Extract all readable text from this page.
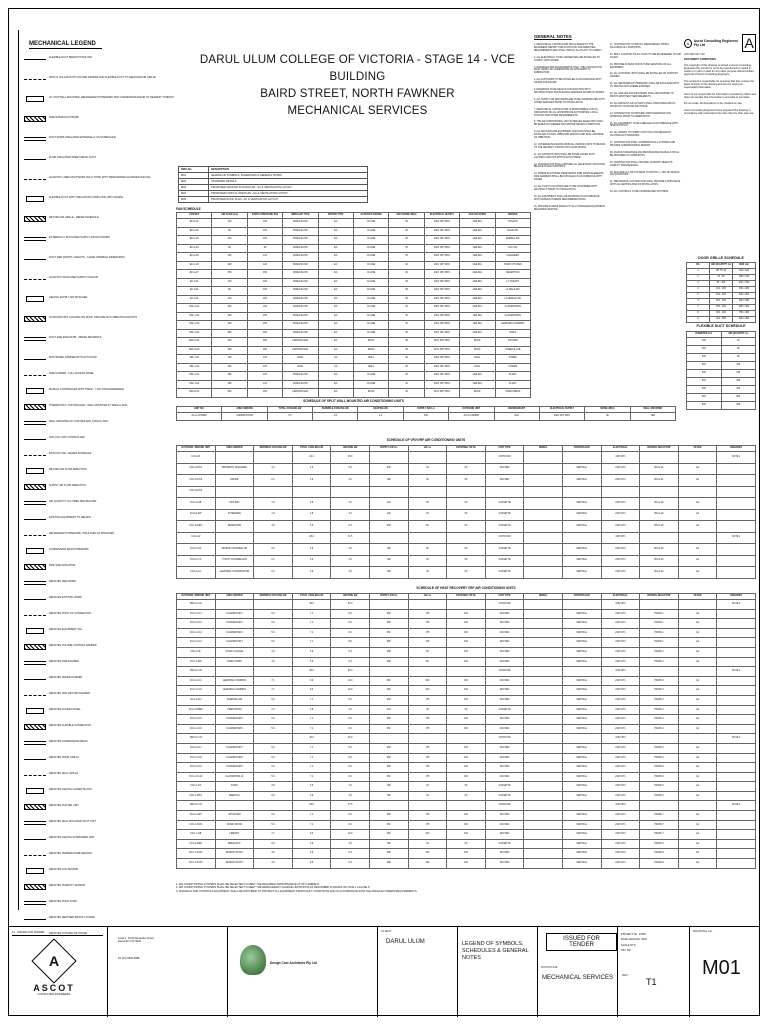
MECHANICAL LEGEND
FLEXIBLE DUCT BRANCH TAKE OFF
SPIN IN COLLAR WITH VOLUME DAMPER AND FLEXIBLE DUCT TO REGISTER OR GRILLE
AC UNIT WALL MOUNTED, REFRIGERANT PIPEWORK AND CONDENSATE DRAIN TO NEAREST TUNDISH
FIRE RATED DUCTWORK
DUCT WORK INSULATED EXTERNALLY AS SCHEDULED
PLAIN INSULATED SHEET METAL DUCT
ACOUSTIC LINED DUCTWORK 25mm THICK WITH PERFORATED ALUMINIUM FACING
FLEXIBLE DUCT WITH INSULATION COMPLYING WITH AS4254
RETURN AIR GRILLE - REFER SCHEDULE
EXTERNALLY INSULATED SUPPLY AIR DUCTWORK
DUCT SIZE (WIDTH x HEIGHT) - CLEAR INTERNAL DIMENSIONS
ACOUSTIC INSULATED SUPPLY PLENUM
CEILING SUPPLY AIR DIFFUSER
OUTDOOR UNIT LOCATED ON ROOF, PROVIDE ANTI VIBRATION MOUNTS
DUCT SIZE INDICATOR - REFER DRAWINGS
MOTORISED DAMPER WITH ACTUATOR
FIRE DAMPER - FULL ACCESS PANEL
MANUAL CONTROLLER WITH TIMER - 7 DAY PROGRAMMABLE
THERMOSTAT / CONTROLLER - WALL MOUNTED AT 1500mm AFFL
WALL MOUNTED AC CONTROLLER, 1500mm AFFL
FAN COIL UNIT CONTROLLER
EXHAUST FAN - REFER SCHEDULE
RETURN AIR FLOW DIRECTION
SUPPLY AIR FLOW DIRECTION
AIR QUANTITY IN LITRES PER SECOND
EXISTING EQUIPMENT TO REMAIN
REFRIGERANT PIPEWORK, INSULATED AS SPECIFIED
CONDENSATE DRAIN PIPEWORK
PIPE SIZE INDICATOR
DENOTES NEW WORK
DENOTES EXISTING WORK
DENOTES POINT OF CONNECTION
DENOTES EQUIPMENT TAG
DENOTES VOLUME CONTROL DAMPER
DENOTES FIRE DAMPER
DENOTES SMOKE DAMPER
DENOTES NON RETURN DAMPER
DENOTES ACCESS PANEL
DENOTES FLEXIBLE CONNECTION
DENOTES CONDENSATE DRAIN
DENOTES DOOR GRILLE
DENOTES WALL GRILLE
DENOTES CEILING CASSETTE UNIT
DENOTES DUCTED UNIT
DENOTES WALL MOUNTED SPLIT UNIT
DENOTES CEILING SUSPENDED UNIT
DENOTES TEMPERATURE SENSOR
DENOTES CO2 SENSOR
DENOTES HUMIDITY SENSOR
DENOTES ROOF COWL
DENOTES WEATHER PROOF LOUVRE
DENOTES OUTSIDE AIR INTAKE
DARUL ULUM COLLEGE OF VICTORIA - STAGE 14 - VCE BUILDING
BAIRD STREET, NORTH FAWKNER
MECHANICAL SERVICES
DWG No.	DESCRIPTION
M01	LEGEND OF SYMBOLS, SCHEDULES & GENERAL NOTES
M02	STANDARD DETAILS
M03	PROPOSED GROUND FLOOR PLAN - AC & VENTILATION LAYOUT
M04	PROPOSED FIRST FLOOR PLAN - AC & VENTILATION LAYOUT
M05	PROPOSED ROOF PLAN - AC & VENTILATION LAYOUT
FAN SCHEDULE
FAN REF	AIR FLOW (L/s)	STATIC PRESSURE (Pa)	IMPELLER TYPE	MOTOR TYPE	ACOUSTIC RATING	MAX NOISE dB(A)	ELECTRICAL SUPPLY	FAN LOCATION	SERVES
EF-G-01	110	100	MIXED FLOW	EC	IN LINE	35	240V 1Ph 50Hz	CEILING	TOILETS
EF-G-02	90	100	MIXED FLOW	EC	IN LINE	35	240V 1Ph 50Hz	CEILING	MALE WC
EF-G-03	120	100	MIXED FLOW	EC	IN LINE	35	240V 1Ph 50Hz	CEILING	FEMALE WC
EF-G-04	60	80	MIXED FLOW	EC	IN LINE	35	240V 1Ph 50Hz	CEILING	ACC WC
EF-G-05	150	120	MIXED FLOW	EC	IN LINE	35	240V 1Ph 50Hz	CEILING	CLEANERS
EF-G-06	200	120	MIXED FLOW	EC	IN LINE	40	240V 1Ph 50Hz	CEILING	STAFF KITCHEN
EF-G-07	250	150	MIXED FLOW	EC	IN LINE	40	240V 1Ph 50Hz	CEILING	RECEPTION
EF-1-01	110	100	MIXED FLOW	EC	IN LINE	35	240V 1Ph 50Hz	CEILING	L1 TOILETS
EF-1-02	90	100	MIXED FLOW	EC	IN LINE	35	240V 1Ph 50Hz	CEILING	L1 MALE WC
EF-1-03	120	100	MIXED FLOW	EC	IN LINE	35	240V 1Ph 50Hz	CEILING	L1 FEMALE WC
OAF-1-01	300	150	MIXED FLOW	EC	IN LINE	40	240V 1Ph 50Hz	CEILING	CLASSROOMS
OAF-1-02	300	150	MIXED FLOW	EC	IN LINE	40	240V 1Ph 50Hz	CEILING	CLASSROOMS
OAF-1-03	300	150	MIXED FLOW	EC	IN LINE	40	240V 1Ph 50Hz	CEILING	LEARNING COMMON
OAF-1-04	250	150	MIXED FLOW	EC	IN LINE	40	240V 1Ph 50Hz	CEILING	STAFF
KEF-G-01	400	200	CENTRIFUGAL	EC	ROOF	45	415V 3Ph 50Hz	ROOF	KITCHEN
KEF-G-02	350	200	CENTRIFUGAL	EC	ROOF	45	415V 3Ph 50Hz	ROOF	SCIENCE LAB
TEF-1-01	150	120	AXIAL	AC	WALL	40	240V 1Ph 50Hz	WALL	STORE
TEF-1-02	150	120	AXIAL	AC	WALL	40	240V 1Ph 50Hz	WALL	COMMS
SSF-1-01	180	120	MIXED FLOW	EC	IN LINE	40	240V 1Ph 50Hz	CEILING	PLANT
SSF-1-02	180	120	MIXED FLOW	EC	IN LINE	40	240V 1Ph 50Hz	CEILING	PLANT
SSF-R-01	500	250	CENTRIFUGAL	EC	ROOF	45	415V 3Ph 50Hz	ROOF	STAIR PRESS
SCHEDULE OF SPLIT WALL MOUNTED AIR CONDITIONING UNITS
UNIT NO.	AREA SERVED	TOTAL COOLING kW	SENSIBLE COOLING kW	HEATING kW	SUPPLY AIR L/s	OUTDOOR UNIT	REFRIGERANT	ELECTRICAL SUPPLY	NOISE dB(A)	WALL MOUNTED
AC-G-COMMS	COMMS ROOM	3.5	2.8	4.0	150	AC-G-COMMS	R32	240V 1Ph 50Hz	38	YES
SCHEDULE OF VRV/VRF AIR CONDITIONING UNITS
OUTDOOR / INDOOR UNIT	AREA SERVED	SENSIBLE COOLING kW	TOTAL COOLING kW	HEATING kW	SUPPLY AIR L/s	OA L/s	EXTERNAL SP Pa	UNIT TYPE	MODEL	CONTROLLER	ELECTRICAL	BRANCH SELECTOR	FILTER	REMARKS
CU-G-01			22.4	25.0				OUTDOOR			415V 3Ph			NOTE 1
FCU-G-PO1	PROPERTY MANAGER	3.2	4.5	5.0	200	40	50	DUCTED		CENTRAL	240V 1Ph	BS-G-01	G4	
FCU-G-PO2	OFFICE	2.4	3.6	4.0	160	30	50	DUCTED		CENTRAL	240V 1Ph	BS-G-01	G4	
FCU-G-PO3														
FCU-G-SB	SICK BAY	1.8	2.8	3.2	140	25	50	CASSETTE		CENTRAL	240V 1Ph	BS-G-02	G4	
FCU-G-INT	INTERVIEW	1.8	2.8	3.2	140	25	50	CASSETTE		CENTRAL	240V 1Ph	BS-G-02	G4	
FCU-G-REC	RECEPTION	3.6	5.6	6.3	250	50	50	CASSETTE		CENTRAL	240V 1Ph	BS-G-02	G4	
CU-G-02			28.0	31.5				OUTDOOR			415V 3Ph			NOTE 1
FCU-G-SC	SENIOR COUNSELLOR	2.2	3.6	4.0	160	30	50	CASSETTE		CENTRAL	240V 1Ph	BS-G-03	G4	
FCU-G-YC	YOUTH COUNSELLOR	2.2	3.6	4.0	160	30	50	CASSETTE		CENTRAL	240V 1Ph	BS-G-03	G4	
FCU-G-LC	LEARNING COORDINATOR	2.2	3.6	4.0	160	30	50	CASSETTE		CENTRAL	240V 1Ph	BS-G-03	G4	
SCHEDULE OF HEAT RECOVERY VRF AIR CONDITIONING UNITS
OUTDOOR / INDOOR UNIT	AREA SERVED	SENSIBLE COOLING kW	TOTAL COOLING kW	HEATING kW	SUPPLY AIR L/s	OA L/s	EXTERNAL SP Pa	UNIT TYPE	MODEL	CONTROLLER	ELECTRICAL	BRANCH SELECTOR	FILTER	REMARKS
HRCU-1-01			45.0	50.0				OUTDOOR			415V 3Ph			NOTE 2
FCU-1-CL1	CLASSROOM 1	5.6	7.1	8.0	350	175	100	DUCTED		CENTRAL	240V 1Ph	HR-BS-1	G4	
FCU-1-CL2	CLASSROOM 2	5.6	7.1	8.0	350	175	100	DUCTED		CENTRAL	240V 1Ph	HR-BS-1	G4	
FCU-1-CL3	CLASSROOM 3	5.6	7.1	8.0	350	175	100	DUCTED		CENTRAL	240V 1Ph	HR-BS-1	G4	
FCU-1-CL4	CLASSROOM 4	5.6	7.1	8.0	350	175	100	DUCTED		CENTRAL	240V 1Ph	HR-BS-1	G4	
FCU-1-SL	STAFF LOUNGE	4.0	5.6	6.3	280	60	100	DUCTED		CENTRAL	240V 1Ph	HR-BS-2	G4	
FCU-1-SW	STAFF WORK	4.0	5.6	6.3	280	60	100	DUCTED		CENTRAL	240V 1Ph	HR-BS-2	G4	
HRCU-1-02			45.0	50.0				OUTDOOR			415V 3Ph			NOTE 2
FCU-1-LC1	LEARNING COMMON	7.1	9.0	10.0	450	200	100	DUCTED		CENTRAL	240V 1Ph	HR-BS-3	G4	
FCU-1-LC2	LEARNING COMMON	7.1	9.0	10.0	450	200	100	DUCTED		CENTRAL	240V 1Ph	HR-BS-3	G4	
FCU-1-SCI	SCIENCE LAB	5.6	7.1	8.0	350	175	100	DUCTED		CENTRAL	240V 1Ph	HR-BS-3	G4	
FCU-1-PREP	PREP ROOM	2.2	2.8	3.2	140	30	50	CASSETTE		CENTRAL	240V 1Ph	HR-BS-4	G4	
FCU-1-CL5	CLASSROOM 5	5.6	7.1	8.0	350	175	100	DUCTED		CENTRAL	240V 1Ph	HR-BS-4	G4	
FCU-1-CL6	CLASSROOM 6	5.6	7.1	8.0	350	175	100	DUCTED		CENTRAL	240V 1Ph	HR-BS-4	G4	
HRCU-1-03			40.0	45.0				OUTDOOR			415V 3Ph			NOTE 2
FCU-1-CL7	CLASSROOM 7	5.6	7.1	8.0	350	175	100	DUCTED		CENTRAL	240V 1Ph	HR-BS-5	G4	
FCU-1-CL8	CLASSROOM 8	5.6	7.1	8.0	350	175	100	DUCTED		CENTRAL	240V 1Ph	HR-BS-5	G4	
FCU-1-CL9	CLASSROOM 9	5.6	7.1	8.0	350	175	100	DUCTED		CENTRAL	240V 1Ph	HR-BS-5	G4	
FCU-1-CL10	CLASSROOM 10	5.6	7.1	8.0	350	175	100	DUCTED		CENTRAL	240V 1Ph	HR-BS-6	G4	
FCU-1-ST	STAFF	2.8	3.6	4.0	180	40	50	CASSETTE		CENTRAL	240V 1Ph	HR-BS-6	G4	
FCU-1-MTG	MEETING	2.8	3.6	4.0	180	40	50	CASSETTE		CENTRAL	240V 1Ph	HR-BS-6	G4	
HRCU-1-04			33.5	37.5				OUTDOOR			415V 3Ph			NOTE 2
FCU-1-ART	ART ROOM	5.6	7.1	8.0	350	175	100	DUCTED		CENTRAL	240V 1Ph	HR-BS-7	G4	
FCU-1-MUS	MUSIC ROOM	5.6	7.1	8.0	350	175	100	DUCTED		CENTRAL	240V 1Ph	HR-BS-7	G4	
FCU-1-LIB	LIBRARY	7.1	9.0	10.0	450	200	100	DUCTED		CENTRAL	240V 1Ph	HR-BS-7	G4	
FCU-1-BRK	BREAKOUT	2.8	3.6	4.0	180	40	50	CASSETTE		CENTRAL	240V 1Ph	HR-BS-8	G4	
FCU-1-SST1	SENIOR STUDY	4.0	5.6	6.3	280	100	100	DUCTED		CENTRAL	240V 1Ph	HR-BS-8	G4	
FCU-1-SST2	SENIOR STUDY	4.0	5.6	6.3	280	100	100	DUCTED		CENTRAL	240V 1Ph	HR-BS-8	G4	
1. AIR CONDITIONING SYSTEMS SHALL BE SELECTED TO MEET THE REQUIRED PERFORMANCE AT 35°C AMBIENT.
2. AIR CONDITIONING SYSTEMS SHALL BE SELECTED TO MEET THE REFRIGERANT CHARGE LIMITATIONS AS DESCRIBED IN AS/NZS ISO 5149.1 CLAUSE 5.
3. FINANCIAL AND CONTROLS EQUIPMENT SHALL BE PROVIDED TO PROTECT ALL EQUIPMENT FROM FAULT CONDITIONS AND IN ACCORDANCE WITH THE MANUFACTURERS REQUIREMENTS.
GENERAL NOTES
1. MECHANICAL CONTRACTOR SHALL REFER TO THE ENGINEERS REPORT FOR ACCOUSTIC AND AMENITIES REQUIREMENTS AND SHALL INSTALL ALL PLANT TO COMPLY.
2. ALL ELECTRICAL TO BE CONNECTED AND INSTALLED TO COMPLY WITH AS3000.
3. DRAWINGS ARE DIAGRAMMATIC ONLY. THE CONTRACTOR MUST VERIFY ALL DIMENSIONS ON SITE PRIOR TO FABRICATION.
4. ALL DUCTWORK TO BE INSTALLED IN ACCORDANCE WITH AS4254 AND AS1668.
5. DRAWINGS TO BE READ IN CONJUNCTION WITH ARCHITECTURAL AND BUILDING SERVICES SCOPE OF WORKS.
6. ALL SUPPLY AIR DIFFUSERS ARE TO BE COORDINATED WITH OTHER SERVICES PRIOR TO INSTALLATION.
7. MECHANICAL CONTRACTOR IS RESPONSIBLE FOR CO-ORDINATION OF ALL APPROPRIATE AUTHORITIES, LOCAL COUNCIL AND OTHER REQUIREMENTS.
8. THE AIR CONDITIONING UNIT SCHEDULE SELECTION SHALL BE BASED ON SUMMER AND WINTER DESIGN CONDITIONS.
9. ALL AIR HANDLING EQUIPMENT AND FANS SHALL BE INSTALLED ON ANTI-VIBRATION MOUNTS AND SHALL BE FREE OF VIBRATION.
10. CONDENSATE DRAINS FROM ALL INDOOR UNITS TO BE RUN TO THE NEAREST TUNDISH OR FLOOR WASTE.
11. ALL EXHAUST FANS SHALL BE INTERLOCKED WITH LIGHTING CIRCUITS WITH RUN-ON TIMER.
12. CONTRACTOR SHALL PROVIDE ALL NECESSARY MOUNTING BRACKETS AND SUPPORTS.
13. WHERE DUCTWORK PENETRATES FIRE RATED ELEMENTS, FIRE DAMPERS SHALL BE INSTALLED IN ACCORDANCE WITH AS1682.
14. ALL PLANT LOCATIONS ARE TO BE CONFIRMED WITH ARCHITECT PRIOR TO INSTALLATION.
15. ALL EQUIPMENT SHALL BE MOUNTED IN ACCORDANCE WITH MANUFACTURERS RECOMMENDATIONS.
16. PROVIDE ACCESS PANELS TO ALL CONCEALED EQUIPMENT REQUIRING SERVICE.
17. CONTRACTOR TO INSTALL REFRIGERANT PIPING INCLUDING ALL SUPPORTS.
18. BUILT LOCATION OF ALL PLANT TO BE ENGINEERED TO SUIT LOADS.
19. PROVIDE ACCESS FOR FUTURE SERVICING OF ALL EQUIPMENT.
20. ALL OUTDOOR UNITS SHALL BE INSTALLED ON SUPPORT FRAMES.
21. ALL REFRIGERANT PIPEWORK SHALL BE INSULATED WITH UV PROTECTION WHERE EXPOSED.
22. ALL GRILLES AND DIFFUSERS SHALL BE FINISHED TO MATCH ARCHITECT REQUIREMENTS.
23. ALL EXHAUST AIR OUTLETS SHALL DISCHARGE MIN 6m FROM ANY OUTDOOR AIR INTAKE.
24. CONTRACTOR TO PROVIDE SHOP DRAWINGS FOR APPROVAL PRIOR TO FABRICATION.
25. ALL EQUIPMENT TO BE LABELLED IN ACCORDANCE WITH SPECIFICATION.
26. ALL WORKS TO COMPLY WITH NCC AND RELEVANT AUSTRALIAN STANDARDS.
27. CONTRACTOR SHALL COMMISSION ALL SYSTEMS AND PROVIDE COMMISSIONING REPORT.
28. AS-BUILT DRAWINGS AND MAINTENANCE MANUALS SHALL BE PROVIDED AT COMPLETION.
29. CONTRACTOR SHALL PROVIDE 12 MONTH DEFECTS LIABILITY MAINTENANCE.
30. BALANCE ALL AIR SYSTEMS TO WITHIN +/- 10% OF DESIGN AIR QUANTITIES.
31. MECHANICAL CONTRACTOR SHALL PROVIDE COMPLIANCE WITH ALL CERTIFICATES OF INSTALLATION.
32. ALL CONTROLS TO BE COORDINATED WITH BMS.
A	Ascot Consulting Engineers Pty Ltd	A
ACN 006 047 143
DOCUMENT CONDITIONS
The copyright of this drawing is vested in Ascot Consulting Engineers Pty Ltd and is not to be reproduced or copied in whole or in part or used for any other purpose without written approval of Ascot Consulting Engineers.
The recipient is responsible for ensuring that they receive the latest revision of this drawing and are not relying on superseded information.
Ascot is not responsible for information provided by others and does not warrant that information is accurate or complete.
Do not scale. All dimensions to be checked on site.
Ascot Consulting Engineers have prepared this drawing in accordance with instructions from the client for their sole use.
DOOR GRILLE SCHEDULE
DG	AIR QUANTITY L/s	SIZE mm
1	UP TO 40	300 x 100
2	41 - 60	300 x 150
3	61 - 100	450 x 150
4	101 - 150	450 x 200
5	151 - 200	600 x 200
6	201 - 250	600 x 250
7	251 - 300	600 x 300
8	301 - 400	750 x 300
9	401 - 500	900 x 300
FLEXIBLE DUCT SCHEDULE
DIAMETER mm	AIR QUANTITY L/s
100	20
150	50
200	90
250	150
300	220
350	300
400	400
450	500
500	650
T1 ISSUED FOR TENDER
A
ASCOT
CONSULTING ENGINEERS
Level 1, 19 Mt Alexander Road, Essendon VIC 3040
Ph (03) 9326 0988
Design Core Architects Pty Ltd
CLIENT
DARUL ULUM	LEGEND OF SYMBOLS,
SCHEDULES & GENERAL
NOTES
ISSUED FOR TENDER
DISCIPLINE
MECHANICAL SERVICES
PROJECT No. 17805
DATE JANUARY 2019
SCALE NTS
SR / KM
REV
T1
DRAWING No.
M01
